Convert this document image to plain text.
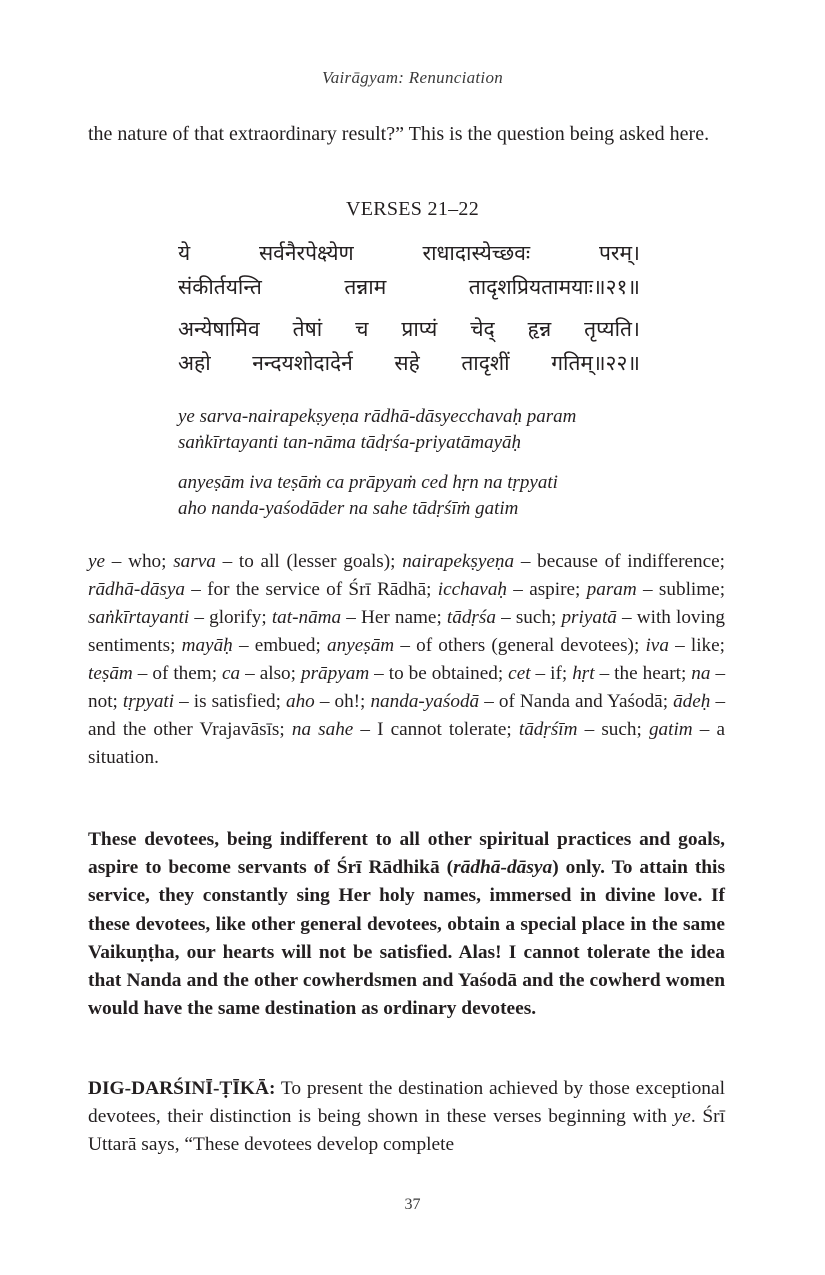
Vairāgyam: Renunciation

the nature of that extraordinary result?” This is the question being asked here.

VERSES 21–22
ये	सर्वनैरपेक्ष्येण	राधादास्येच्छवः	परम्।
संकीर्तयन्ति	तन्नाम	तादृशप्रियतामयाः॥२१॥
अन्येषामिव तेषां च प्राप्यं चेद् हृन्न तृप्यति।
अहो नन्दयशोदादेर्न सहे तादृशीं गतिम्॥२२॥
ye sarva-nairapekṣyeṇa rādhā-dāsyecchavaḥ param
saṅkīrtayanti tan-nāma tādṛśa-priyatāmayāḥ
anyeṣām iva teṣāṁ ca prāpyaṁ ced hṛn na tṛpyati
aho nanda-yaśodāder na sahe tādṛśīṁ gatim

ye – who; sarva – to all (lesser goals); nairapekṣyeṇa – because of indifference; rādhā-dāsya – for the service of Śrī Rādhā; icchavaḥ – aspire; param – sublime; saṅkīrtayanti – glorify; tat-nāma – Her name; tādṛśa – such; priyatā – with loving sentiments; mayāḥ – embued; anyeṣām – of others (general devotees); iva – like; teṣām – of them; ca – also; prāpyam – to be obtained; cet – if; hṛt – the heart; na – not; tṛpyati – is satisfied; aho – oh!; nanda-yaśodā – of Nanda and Yaśodā; ādeḥ – and the other Vrajavāsīs; na sahe – I cannot tolerate; tādṛśīm – such; gatim – a situation.

These devotees, being indifferent to all other spiritual practices and goals, aspire to become servants of Śrī Rādhikā (rādhā-dāsya) only. To attain this service, they constantly sing Her holy names, immersed in divine love. If these devotees, like other general devotees, obtain a special place in the same Vaikuṇṭha, our hearts will not be satisfied. Alas! I cannot tolerate the idea that Nanda and the other cowherdsmen and Yaśodā and the cowherd women would have the same destination as ordinary devotees.

DIG-DARŚINĪ-ṬĪKĀ: To present the destination achieved by those exceptional devotees, their distinction is being shown in these verses beginning with ye. Śrī Uttarā says, “These devotees develop complete

37
